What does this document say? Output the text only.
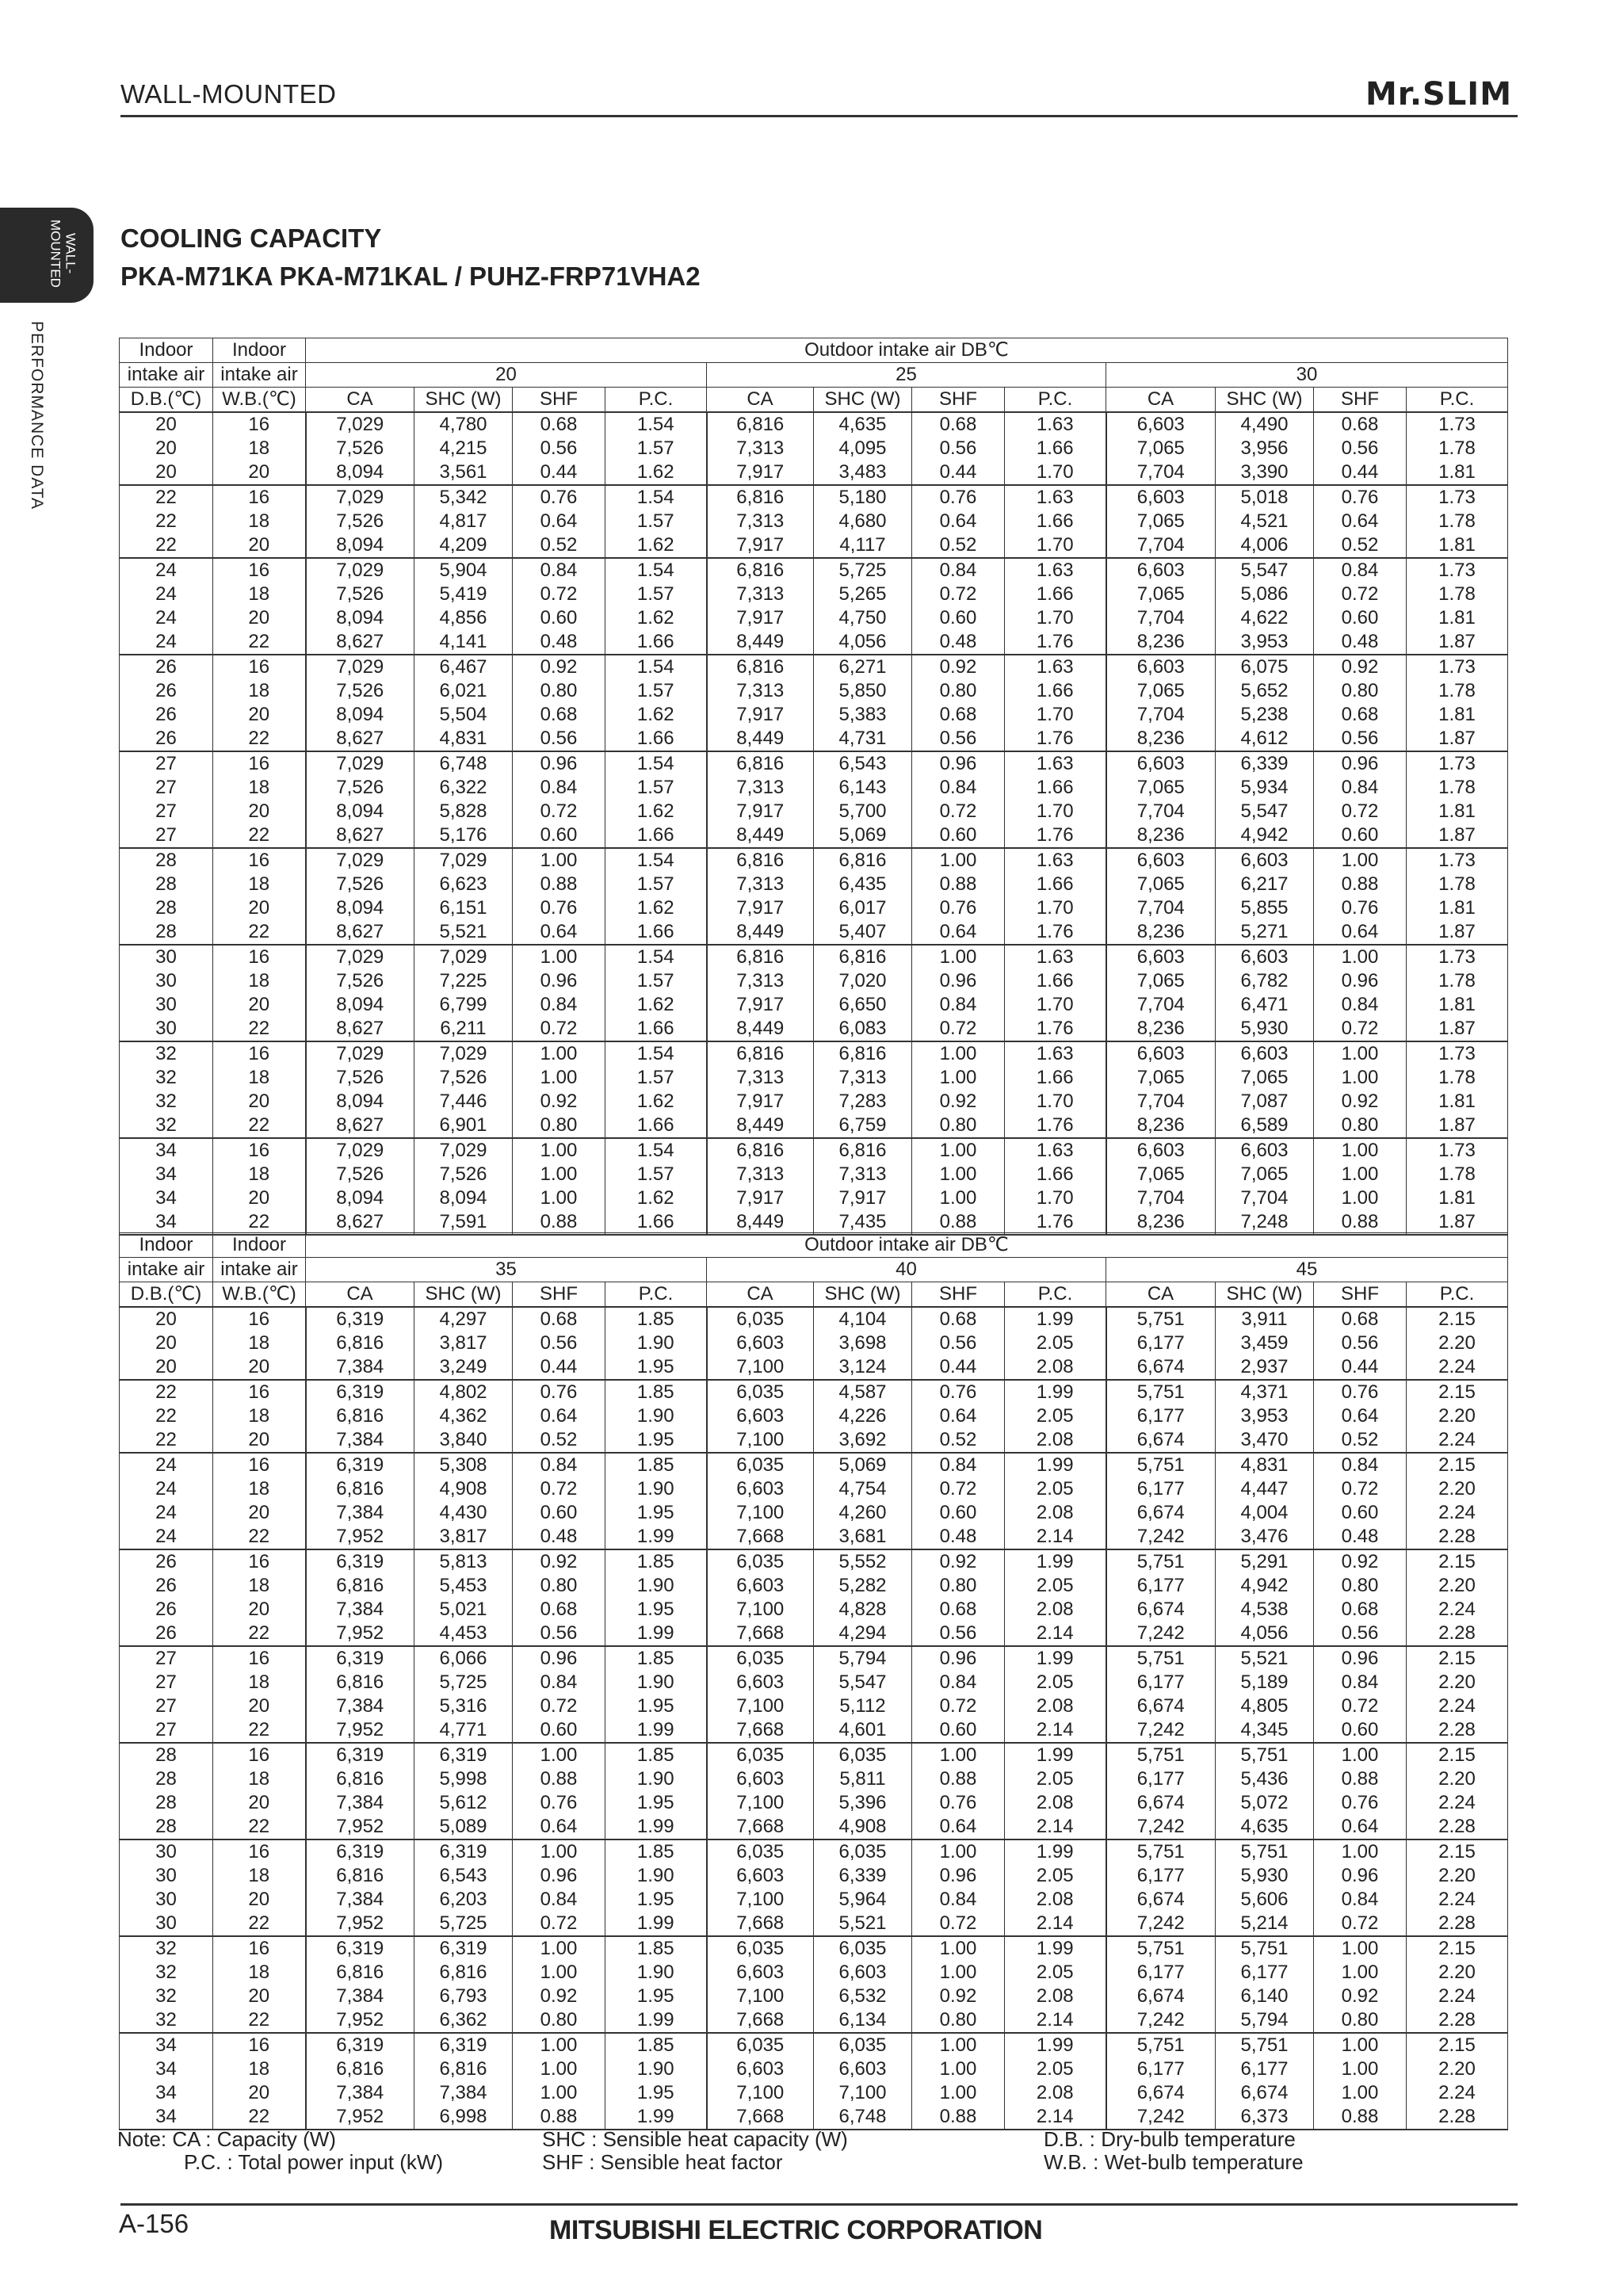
WALL-MOUNTED	Mr.SLIM
WALL-
MOUNTED
PERFORMANCE DATA
COOLING CAPACITY
PKA-M71KA PKA-M71KAL / PUHZ-FRP71VHA2
Indoor	Indoor	Outdoor intake air DB℃											
intake air	intake air	20				25				30			
D.B.(℃)	W.B.(℃)	CA	SHC (W)	SHF	P.C.	CA	SHC (W)	SHF	P.C.	CA	SHC (W)	SHF	P.C.
20	16	7,029	4,780	0.68	1.54	6,816	4,635	0.68	1.63	6,603	4,490	0.68	1.73
20	18	7,526	4,215	0.56	1.57	7,313	4,095	0.56	1.66	7,065	3,956	0.56	1.78
20	20	8,094	3,561	0.44	1.62	7,917	3,483	0.44	1.70	7,704	3,390	0.44	1.81
22	16	7,029	5,342	0.76	1.54	6,816	5,180	0.76	1.63	6,603	5,018	0.76	1.73
22	18	7,526	4,817	0.64	1.57	7,313	4,680	0.64	1.66	7,065	4,521	0.64	1.78
22	20	8,094	4,209	0.52	1.62	7,917	4,117	0.52	1.70	7,704	4,006	0.52	1.81
24	16	7,029	5,904	0.84	1.54	6,816	5,725	0.84	1.63	6,603	5,547	0.84	1.73
24	18	7,526	5,419	0.72	1.57	7,313	5,265	0.72	1.66	7,065	5,086	0.72	1.78
24	20	8,094	4,856	0.60	1.62	7,917	4,750	0.60	1.70	7,704	4,622	0.60	1.81
24	22	8,627	4,141	0.48	1.66	8,449	4,056	0.48	1.76	8,236	3,953	0.48	1.87
26	16	7,029	6,467	0.92	1.54	6,816	6,271	0.92	1.63	6,603	6,075	0.92	1.73
26	18	7,526	6,021	0.80	1.57	7,313	5,850	0.80	1.66	7,065	5,652	0.80	1.78
26	20	8,094	5,504	0.68	1.62	7,917	5,383	0.68	1.70	7,704	5,238	0.68	1.81
26	22	8,627	4,831	0.56	1.66	8,449	4,731	0.56	1.76	8,236	4,612	0.56	1.87
27	16	7,029	6,748	0.96	1.54	6,816	6,543	0.96	1.63	6,603	6,339	0.96	1.73
27	18	7,526	6,322	0.84	1.57	7,313	6,143	0.84	1.66	7,065	5,934	0.84	1.78
27	20	8,094	5,828	0.72	1.62	7,917	5,700	0.72	1.70	7,704	5,547	0.72	1.81
27	22	8,627	5,176	0.60	1.66	8,449	5,069	0.60	1.76	8,236	4,942	0.60	1.87
28	16	7,029	7,029	1.00	1.54	6,816	6,816	1.00	1.63	6,603	6,603	1.00	1.73
28	18	7,526	6,623	0.88	1.57	7,313	6,435	0.88	1.66	7,065	6,217	0.88	1.78
28	20	8,094	6,151	0.76	1.62	7,917	6,017	0.76	1.70	7,704	5,855	0.76	1.81
28	22	8,627	5,521	0.64	1.66	8,449	5,407	0.64	1.76	8,236	5,271	0.64	1.87
30	16	7,029	7,029	1.00	1.54	6,816	6,816	1.00	1.63	6,603	6,603	1.00	1.73
30	18	7,526	7,225	0.96	1.57	7,313	7,020	0.96	1.66	7,065	6,782	0.96	1.78
30	20	8,094	6,799	0.84	1.62	7,917	6,650	0.84	1.70	7,704	6,471	0.84	1.81
30	22	8,627	6,211	0.72	1.66	8,449	6,083	0.72	1.76	8,236	5,930	0.72	1.87
32	16	7,029	7,029	1.00	1.54	6,816	6,816	1.00	1.63	6,603	6,603	1.00	1.73
32	18	7,526	7,526	1.00	1.57	7,313	7,313	1.00	1.66	7,065	7,065	1.00	1.78
32	20	8,094	7,446	0.92	1.62	7,917	7,283	0.92	1.70	7,704	7,087	0.92	1.81
32	22	8,627	6,901	0.80	1.66	8,449	6,759	0.80	1.76	8,236	6,589	0.80	1.87
34	16	7,029	7,029	1.00	1.54	6,816	6,816	1.00	1.63	6,603	6,603	1.00	1.73
34	18	7,526	7,526	1.00	1.57	7,313	7,313	1.00	1.66	7,065	7,065	1.00	1.78
34	20	8,094	8,094	1.00	1.62	7,917	7,917	1.00	1.70	7,704	7,704	1.00	1.81
34	22	8,627	7,591	0.88	1.66	8,449	7,435	0.88	1.76	8,236	7,248	0.88	1.87
Indoor	Indoor	Outdoor intake air DB℃											
intake air	intake air	35				40				45			
D.B.(℃)	W.B.(℃)	CA	SHC (W)	SHF	P.C.	CA	SHC (W)	SHF	P.C.	CA	SHC (W)	SHF	P.C.
20	16	6,319	4,297	0.68	1.85	6,035	4,104	0.68	1.99	5,751	3,911	0.68	2.15
20	18	6,816	3,817	0.56	1.90	6,603	3,698	0.56	2.05	6,177	3,459	0.56	2.20
20	20	7,384	3,249	0.44	1.95	7,100	3,124	0.44	2.08	6,674	2,937	0.44	2.24
22	16	6,319	4,802	0.76	1.85	6,035	4,587	0.76	1.99	5,751	4,371	0.76	2.15
22	18	6,816	4,362	0.64	1.90	6,603	4,226	0.64	2.05	6,177	3,953	0.64	2.20
22	20	7,384	3,840	0.52	1.95	7,100	3,692	0.52	2.08	6,674	3,470	0.52	2.24
24	16	6,319	5,308	0.84	1.85	6,035	5,069	0.84	1.99	5,751	4,831	0.84	2.15
24	18	6,816	4,908	0.72	1.90	6,603	4,754	0.72	2.05	6,177	4,447	0.72	2.20
24	20	7,384	4,430	0.60	1.95	7,100	4,260	0.60	2.08	6,674	4,004	0.60	2.24
24	22	7,952	3,817	0.48	1.99	7,668	3,681	0.48	2.14	7,242	3,476	0.48	2.28
26	16	6,319	5,813	0.92	1.85	6,035	5,552	0.92	1.99	5,751	5,291	0.92	2.15
26	18	6,816	5,453	0.80	1.90	6,603	5,282	0.80	2.05	6,177	4,942	0.80	2.20
26	20	7,384	5,021	0.68	1.95	7,100	4,828	0.68	2.08	6,674	4,538	0.68	2.24
26	22	7,952	4,453	0.56	1.99	7,668	4,294	0.56	2.14	7,242	4,056	0.56	2.28
27	16	6,319	6,066	0.96	1.85	6,035	5,794	0.96	1.99	5,751	5,521	0.96	2.15
27	18	6,816	5,725	0.84	1.90	6,603	5,547	0.84	2.05	6,177	5,189	0.84	2.20
27	20	7,384	5,316	0.72	1.95	7,100	5,112	0.72	2.08	6,674	4,805	0.72	2.24
27	22	7,952	4,771	0.60	1.99	7,668	4,601	0.60	2.14	7,242	4,345	0.60	2.28
28	16	6,319	6,319	1.00	1.85	6,035	6,035	1.00	1.99	5,751	5,751	1.00	2.15
28	18	6,816	5,998	0.88	1.90	6,603	5,811	0.88	2.05	6,177	5,436	0.88	2.20
28	20	7,384	5,612	0.76	1.95	7,100	5,396	0.76	2.08	6,674	5,072	0.76	2.24
28	22	7,952	5,089	0.64	1.99	7,668	4,908	0.64	2.14	7,242	4,635	0.64	2.28
30	16	6,319	6,319	1.00	1.85	6,035	6,035	1.00	1.99	5,751	5,751	1.00	2.15
30	18	6,816	6,543	0.96	1.90	6,603	6,339	0.96	2.05	6,177	5,930	0.96	2.20
30	20	7,384	6,203	0.84	1.95	7,100	5,964	0.84	2.08	6,674	5,606	0.84	2.24
30	22	7,952	5,725	0.72	1.99	7,668	5,521	0.72	2.14	7,242	5,214	0.72	2.28
32	16	6,319	6,319	1.00	1.85	6,035	6,035	1.00	1.99	5,751	5,751	1.00	2.15
32	18	6,816	6,816	1.00	1.90	6,603	6,603	1.00	2.05	6,177	6,177	1.00	2.20
32	20	7,384	6,793	0.92	1.95	7,100	6,532	0.92	2.08	6,674	6,140	0.92	2.24
32	22	7,952	6,362	0.80	1.99	7,668	6,134	0.80	2.14	7,242	5,794	0.80	2.28
34	16	6,319	6,319	1.00	1.85	6,035	6,035	1.00	1.99	5,751	5,751	1.00	2.15
34	18	6,816	6,816	1.00	1.90	6,603	6,603	1.00	2.05	6,177	6,177	1.00	2.20
34	20	7,384	7,384	1.00	1.95	7,100	7,100	1.00	2.08	6,674	6,674	1.00	2.24
34	22	7,952	6,998	0.88	1.99	7,668	6,748	0.88	2.14	7,242	6,373	0.88	2.28
Note: CA : Capacity (W)
P.C. : Total power input (kW)
SHC : Sensible heat capacity (W)
SHF : Sensible heat factor
D.B. : Dry-bulb temperature
W.B. : Wet-bulb temperature
A-156	MITSUBISHI ELECTRIC CORPORATION
